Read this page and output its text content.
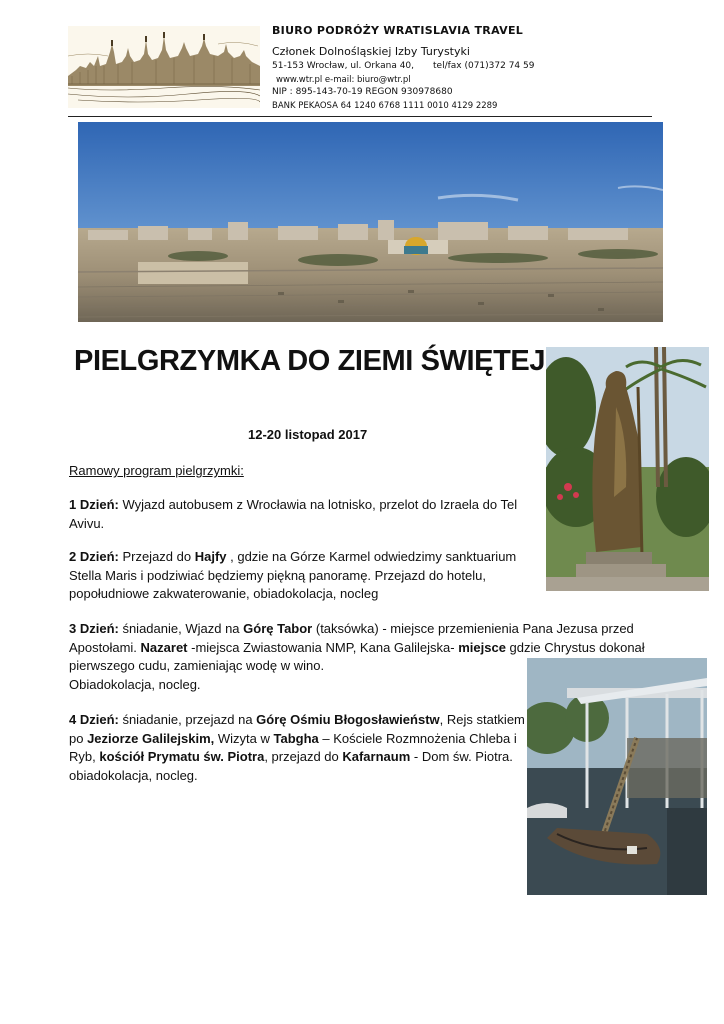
BIURO PODRÓŻY WRATISLAVIA TRAVEL
Członek Dolnośląskiej Izby Turystyki
51-153 Wrocław, ul. Orkana 40, tel/fax (071)372 74 59
www.wtr.pl e-mail: biuro@wtr.pl
NIP : 895-143-70-19 REGON 930978680
BANK PEKAOSA 64 1240 6768 1111 0010 4129 2289
PIELGRZYMKA DO ZIEMI ŚWIĘTEJ
12-20 listopad 2017
Ramowy program pielgrzymki:
1 Dzień: Wyjazd autobusem z Wrocławia na lotnisko, przelot do Izraela do Tel Avivu.
2 Dzień: Przejazd do Hajfy , gdzie na Górze Karmel odwiedzimy sanktuarium Stella Maris i podziwiać będziemy piękną panoramę. Przejazd do hotelu, popołudniowe zakwaterowanie, obiadokolacja, nocleg
3 Dzień: śniadanie, Wjazd na Górę Tabor (taksówka) - miejsce przemienienia Pana Jezusa przed Apostołami. Nazaret -miejsca Zwiastowania NMP, Kana Galilejska- miejsce gdzie Chrystus dokonał pierwszego cudu, zamieniając wodę w wino.
Obiadokolacja, nocleg.
4 Dzień: śniadanie, przejazd na Górę Ośmiu Błogosławieństw, Rejs statkiem po Jeziorze Galilejskim, Wizyta w Tabgha – Kościele Rozmnożenia Chleba i Ryb, kościół Prymatu św. Piotra, przejazd do Kafarnaum - Dom św. Piotra. obiadokolacja, nocleg.
